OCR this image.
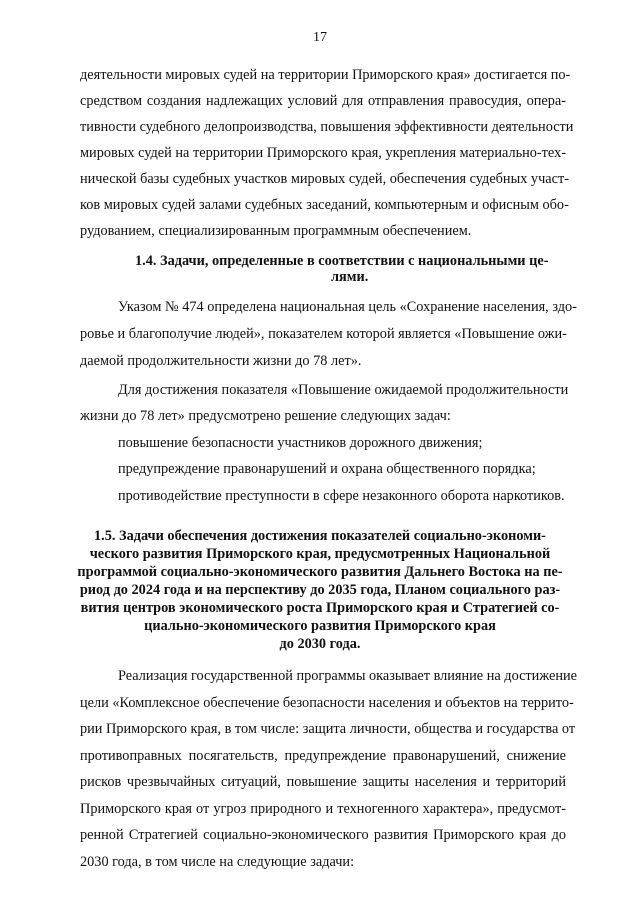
17
деятельности мировых судей на территории Приморского края» достигается по-
средством создания надлежащих условий для отправления правосудия, опера-
тивности судебного делопроизводства, повышения эффективности деятельности
мировых судей на территории Приморского края, укрепления материально-тех-
нической базы судебных участков мировых судей, обеспечения судебных участ-
ков мировых судей залами судебных заседаний, компьютерным и офисным обо-
рудованием, специализированным программным обеспечением.
1.4. Задачи, определенные в соответствии с национальными це-
лями.
Указом № 474 определена национальная цель «Сохранение населения, здо-
ровье и благополучие людей», показателем которой является «Повышение ожи-
даемой продолжительности жизни до 78 лет».
Для достижения показателя «Повышение ожидаемой продолжительности
жизни до 78 лет» предусмотрено решение следующих задач:
повышение безопасности участников дорожного движения;
предупреждение правонарушений и охрана общественного порядка;
противодействие преступности в сфере незаконного оборота наркотиков.
1.5. Задачи обеспечения достижения показателей социально-экономи-
ческого развития Приморского края, предусмотренных Национальной
программой социально-экономического развития Дальнего Востока на пе-
риод до 2024 года и на перспективу до 2035 года, Планом социального раз-
вития центров экономического роста Приморского края и Стратегией со-
циально-экономического развития Приморского края
до 2030 года.
Реализация государственной программы оказывает влияние на достижение
цели «Комплексное обеспечение безопасности населения и объектов на террито-
рии Приморского края, в том числе: защита личности, общества и государства от
противоправных посягательств, предупреждение правонарушений, снижение
рисков чрезвычайных ситуаций, повышение защиты населения и территорий
Приморского края от угроз природного и техногенного характера», предусмот-
ренной Стратегией социально-экономического развития Приморского края до
2030 года, в том числе на следующие задачи:
